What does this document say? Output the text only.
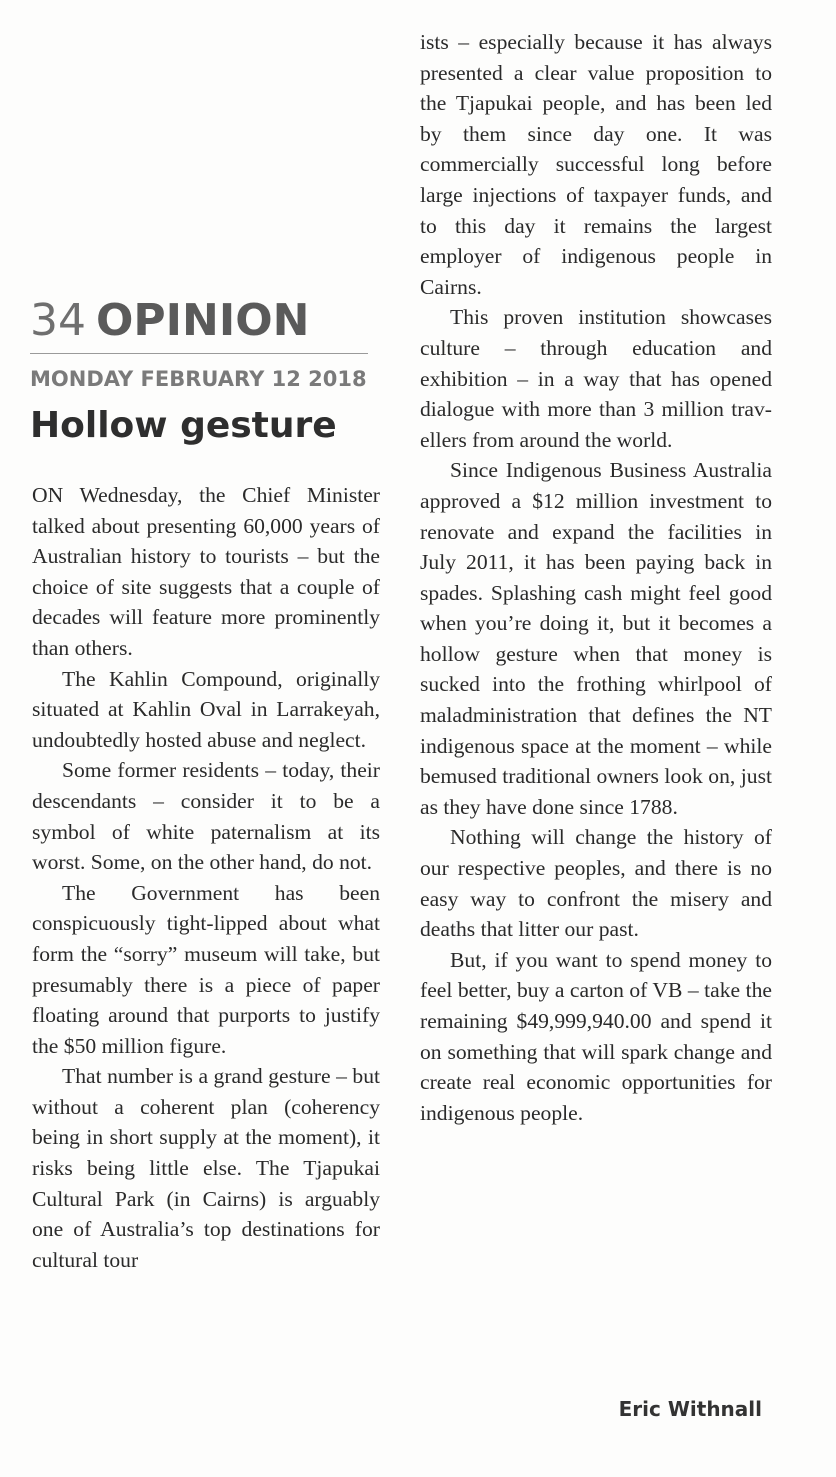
34 OPINION
MONDAY FEBRUARY 12 2018
Hollow gesture

ON Wednesday, the Chief Minister talked about presenting 60,000 years of Australian history to tourists – but the choice of site suggests that a couple of decades will feature more prominently than others.

The Kahlin Compound, originally situated at Kahlin Oval in Larrakeyah, undoubtedly hosted abuse and neglect.

Some former residents – today, their descendants – consider it to be a symbol of white paternalism at its worst. Some, on the other hand, do not.

The Government has been conspicuously tight-lipped about what form the “sorry” museum will take, but presumably there is a piece of paper floating around that purports to justify the $50 million figure.

That number is a grand gesture – but without a coherent plan (coherency being in short supply at the moment), it risks being little else. The Tjapukai Cultural Park (in Cairns) is arguably one of Australia’s top destinations for cultural tour

ists – especially because it has always presented a clear value proposition to the Tjapukai people, and has been led by them since day one. It was commercially successful long before large injections of taxpayer funds, and to this day it remains the largest employer of indigenous people in Cairns.

This proven institution showcases culture – through education and exhibition – in a way that has opened dialogue with more than 3 million travellers from around the world.

Since Indigenous Business Australia approved a $12 million investment to renovate and expand the facilities in July 2011, it has been paying back in spades. Splashing cash might feel good when you’re doing it, but it becomes a hollow gesture when that money is sucked into the frothing whirlpool of maladministration that defines the NT indigenous space at the moment – while bemused traditional owners look on, just as they have done since 1788.

Nothing will change the history of our respective peoples, and there is no easy way to confront the misery and deaths that litter our past.

But, if you want to spend money to feel better, buy a carton of VB – take the remaining $49,999,940.00 and spend it on something that will spark change and create real economic opportunities for indigenous people.

Eric Withnall
